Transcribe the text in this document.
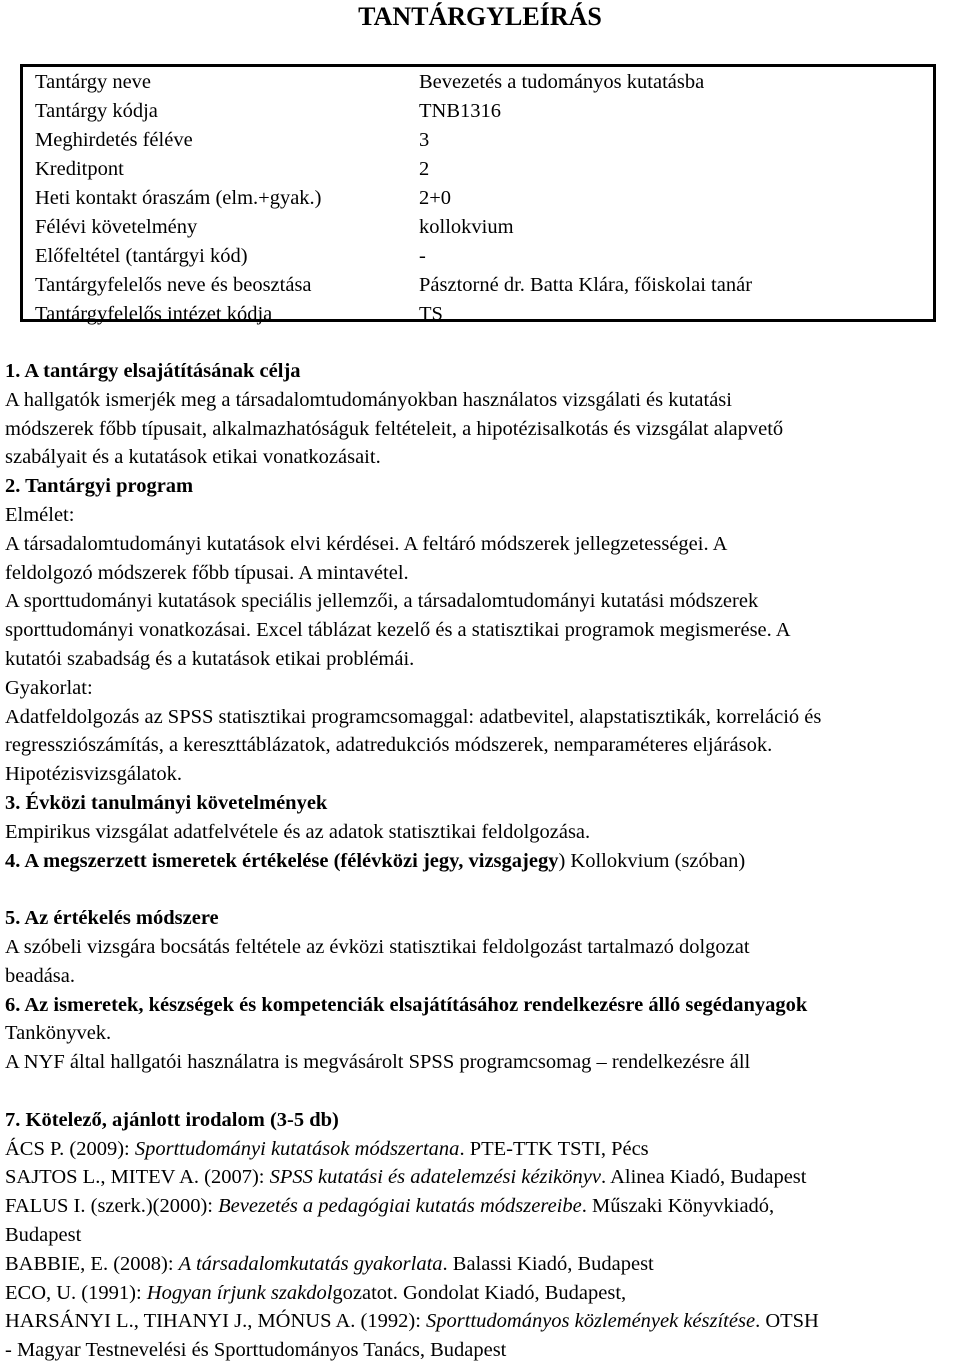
TANTÁRGYLEÍRÁS
Tantárgy neve	Bevezetés a tudományos kutatásba
Tantárgy kódja	TNB1316
Meghirdetés féléve	3
Kreditpont	2
Heti kontakt óraszám (elm.+gyak.)	2+0
Félévi követelmény	kollokvium
Előfeltétel (tantárgyi kód)	-
Tantárgyfelelős neve és beosztása	Pásztorné dr. Batta Klára, főiskolai tanár
Tantárgyfelelős intézet kódja	TS
1. A tantárgy elsajátításának célja
A hallgatók ismerjék meg a társadalomtudományokban használatos vizsgálati és kutatási
módszerek főbb típusait, alkalmazhatóságuk feltételeit, a hipotézisalkotás és vizsgálat alapvető
szabályait és a kutatások etikai vonatkozásait.
2. Tantárgyi program
Elmélet:
A társadalomtudományi kutatások elvi kérdései. A feltáró módszerek jellegzetességei. A
feldolgozó módszerek főbb típusai. A mintavétel.
A sporttudományi kutatások speciális jellemzői, a társadalomtudományi kutatási módszerek
sporttudományi vonatkozásai. Excel táblázat kezelő és a statisztikai programok megismerése. A
kutatói szabadság és a kutatások etikai problémái.
Gyakorlat:
Adatfeldolgozás az SPSS statisztikai programcsomaggal: adatbevitel, alapstatisztikák, korreláció és
regressziószámítás, a kereszttáblázatok, adatredukciós módszerek, nemparaméteres eljárások.
Hipotézisvizsgálatok.
3. Évközi tanulmányi követelmények
Empirikus vizsgálat adatfelvétele és az adatok statisztikai feldolgozása.
4. A megszerzett ismeretek értékelése (félévközi jegy, vizsgajegy) Kollokvium (szóban)
5. Az értékelés módszere
A szóbeli vizsgára bocsátás feltétele az évközi statisztikai feldolgozást tartalmazó dolgozat
beadása.
6. Az ismeretek, készségek és kompetenciák elsajátításához rendelkezésre álló segédanyagok
Tankönyvek.
A NYF által hallgatói használatra is megvásárolt SPSS programcsomag – rendelkezésre áll
7. Kötelező, ajánlott irodalom (3-5 db)
ÁCS P. (2009): Sporttudományi kutatások módszertana. PTE-TTK TSTI, Pécs
SAJTOS L., MITEV A. (2007): SPSS kutatási és adatelemzési kézikönyv. Alinea Kiadó, Budapest
FALUS I. (szerk.)(2000): Bevezetés a pedagógiai kutatás módszereibe. Műszaki Könyvkiadó,
Budapest
BABBIE, E. (2008): A társadalomkutatás gyakorlata. Balassi Kiadó, Budapest
ECO, U. (1991): Hogyan írjunk szakdolgozatot. Gondolat Kiadó, Budapest,
HARSÁNYI L., TIHANYI J., MÓNUS A. (1992): Sporttudományos közlemények készítése. OTSH
- Magyar Testnevelési és Sporttudományos Tanács, Budapest
